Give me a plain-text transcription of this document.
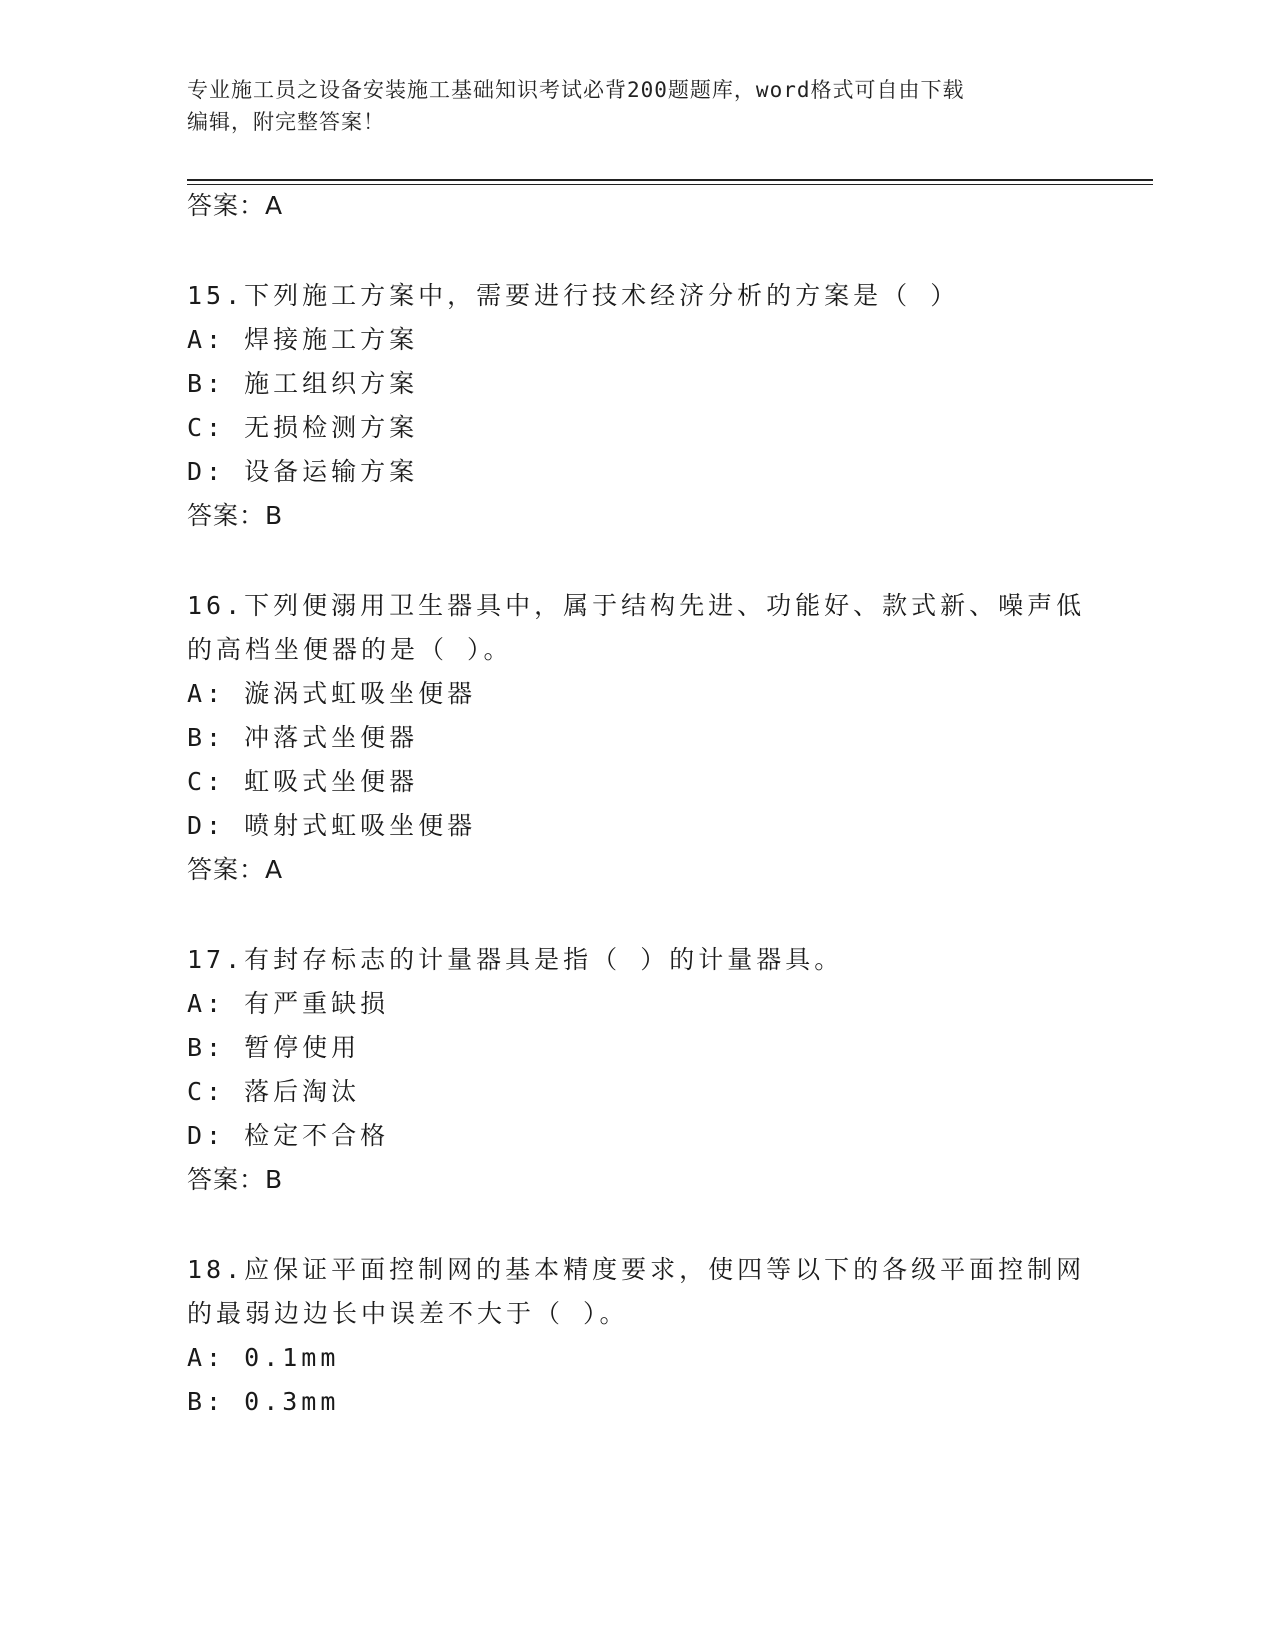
专业施工员之设备安装施工基础知识考试必背200题题库，word格式可自由下载
编辑，附完整答案！
答案：A
15.下列施工方案中，需要进行技术经济分析的方案是（ ）
A: 焊接施工方案
B: 施工组织方案
C: 无损检测方案
D: 设备运输方案
答案：B
16.下列便溺用卫生器具中，属于结构先进、功能好、款式新、噪声低
的高档坐便器的是（ ）。
A: 漩涡式虹吸坐便器
B: 冲落式坐便器
C: 虹吸式坐便器
D: 喷射式虹吸坐便器
答案：A
17.有封存标志的计量器具是指（ ）的计量器具。
A: 有严重缺损
B: 暂停使用
C: 落后淘汰
D: 检定不合格
答案：B
18.应保证平面控制网的基本精度要求，使四等以下的各级平面控制网
的最弱边边长中误差不大于（ ）。
A: 0.1mm
B: 0.3mm
